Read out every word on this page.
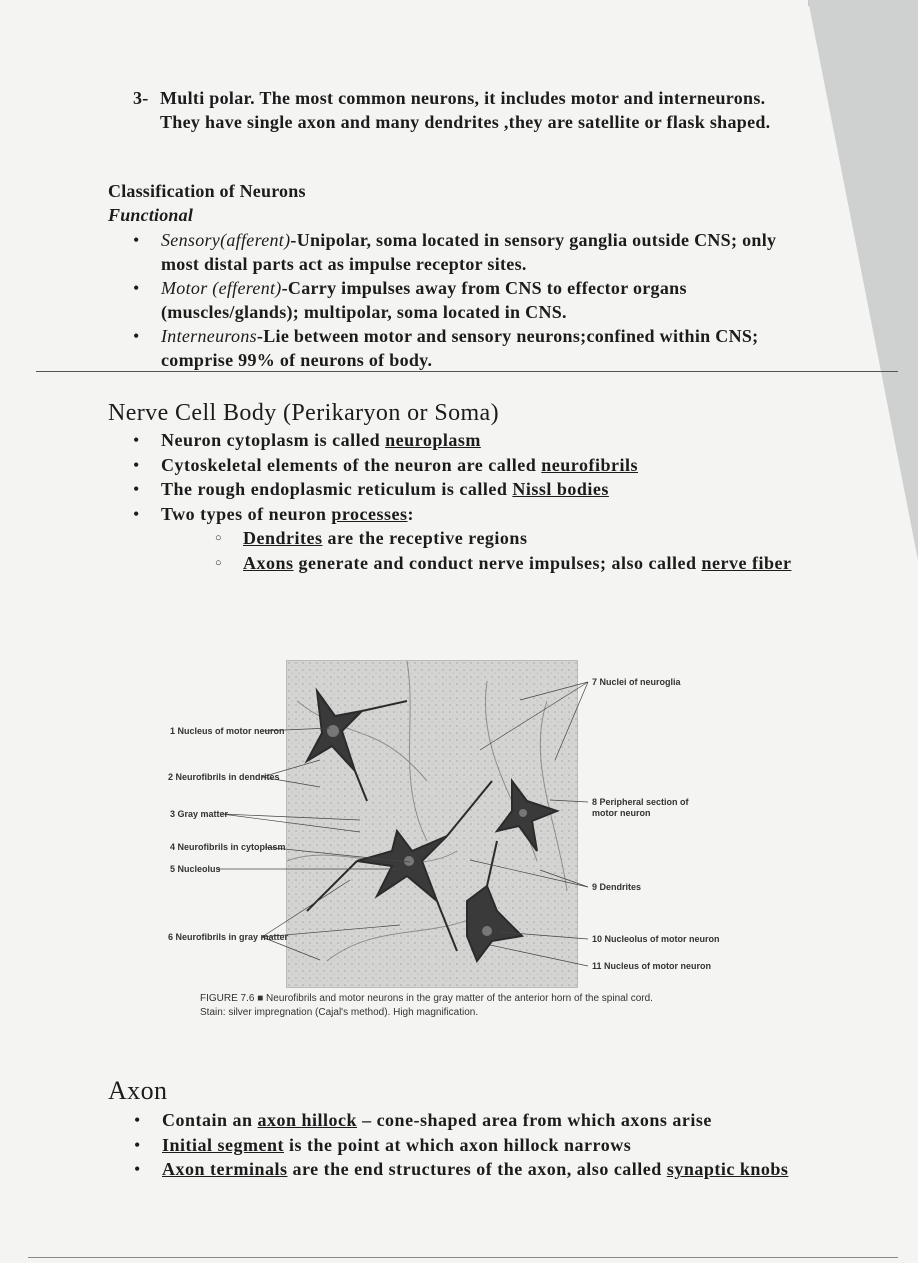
3- Multi polar. The most common neurons, it includes motor and interneurons. They have single axon and many dendrites ,they are satellite or flask shaped.
Classification of Neurons
Functional
• Sensory(afferent)-Unipolar, soma located in sensory ganglia outside CNS; only most distal parts act as impulse receptor sites.
• Motor (efferent)-Carry impulses away from CNS to effector organs (muscles/glands); multipolar, soma located in CNS.
• Interneurons-Lie between motor and sensory neurons;confined within CNS; comprise 99% of neurons of body.
Nerve Cell Body (Perikaryon or Soma)
• Neuron cytoplasm is called neuroplasm
• Cytoskeletal elements of the neuron are called neurofibrils
• The rough endoplasmic reticulum is called Nissl bodies
• Two types of neuron processes:
○ Dendrites are the receptive regions
○ Axons generate and conduct nerve impulses; also called nerve fiber
1 Nucleus of motor neuron
2 Neurofibrils in dendrites
3 Gray matter
4 Neurofibrils in cytoplasm
5 Nucleolus
6 Neurofibrils in gray matter
7 Nuclei of neuroglia
8 Peripheral section of motor neuron
9 Dendrites
10 Nucleolus of motor neuron
11 Nucleus of motor neuron
FIGURE 7.6 ■ Neurofibrils and motor neurons in the gray matter of the anterior horn of the spinal cord.
Stain: silver impregnation (Cajal's method). High magnification.
Axon
• Contain an axon hillock – cone-shaped area from which axons arise
• Initial segment is the point at which axon hillock narrows
• Axon terminals are the end structures of the axon, also called synaptic knobs
